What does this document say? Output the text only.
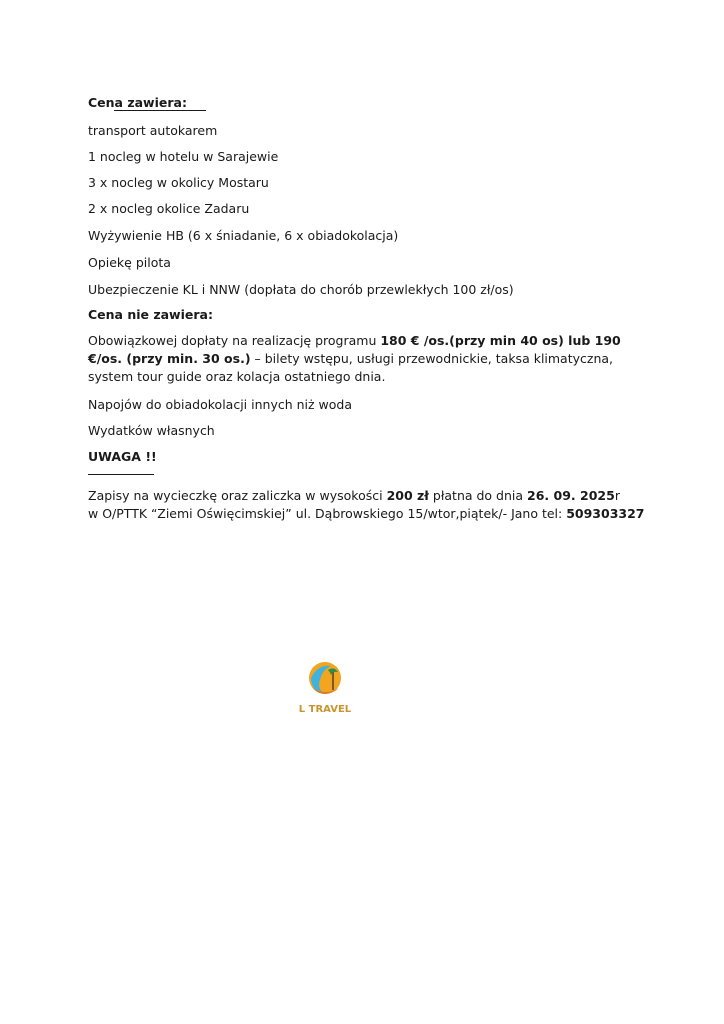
Cena zawiera:
transport autokarem
1 nocleg w hotelu w Sarajewie
3 x nocleg w okolicy Mostaru
2 x nocleg okolice Zadaru
Wyżywienie HB (6 x śniadanie, 6 x obiadokolacja)
Opiekę pilota
Ubezpieczenie KL i NNW (dopłata do chorób przewlekłych 100 zł/os)
Cena nie zawiera:
Obowiązkowej dopłaty na realizację programu 180 € /os.(przy min 40 os) lub 190 €/os. (przy min. 30 os.) – bilety wstępu, usługi przewodnickie, taksa klimatyczna, system tour guide oraz kolacja ostatniego dnia.
Napojów do obiadokolacji innych niż woda
Wydatków własnych
UWAGA !!
Zapisy na wycieczkę oraz zaliczka w wysokości 200 zł płatna do dnia 26. 09. 2025r
w O/PTTK “Ziemi Oświęcimskiej” ul. Dąbrowskiego 15/wtor,piątek/- Jano tel: 509303327
L TRAVEL
